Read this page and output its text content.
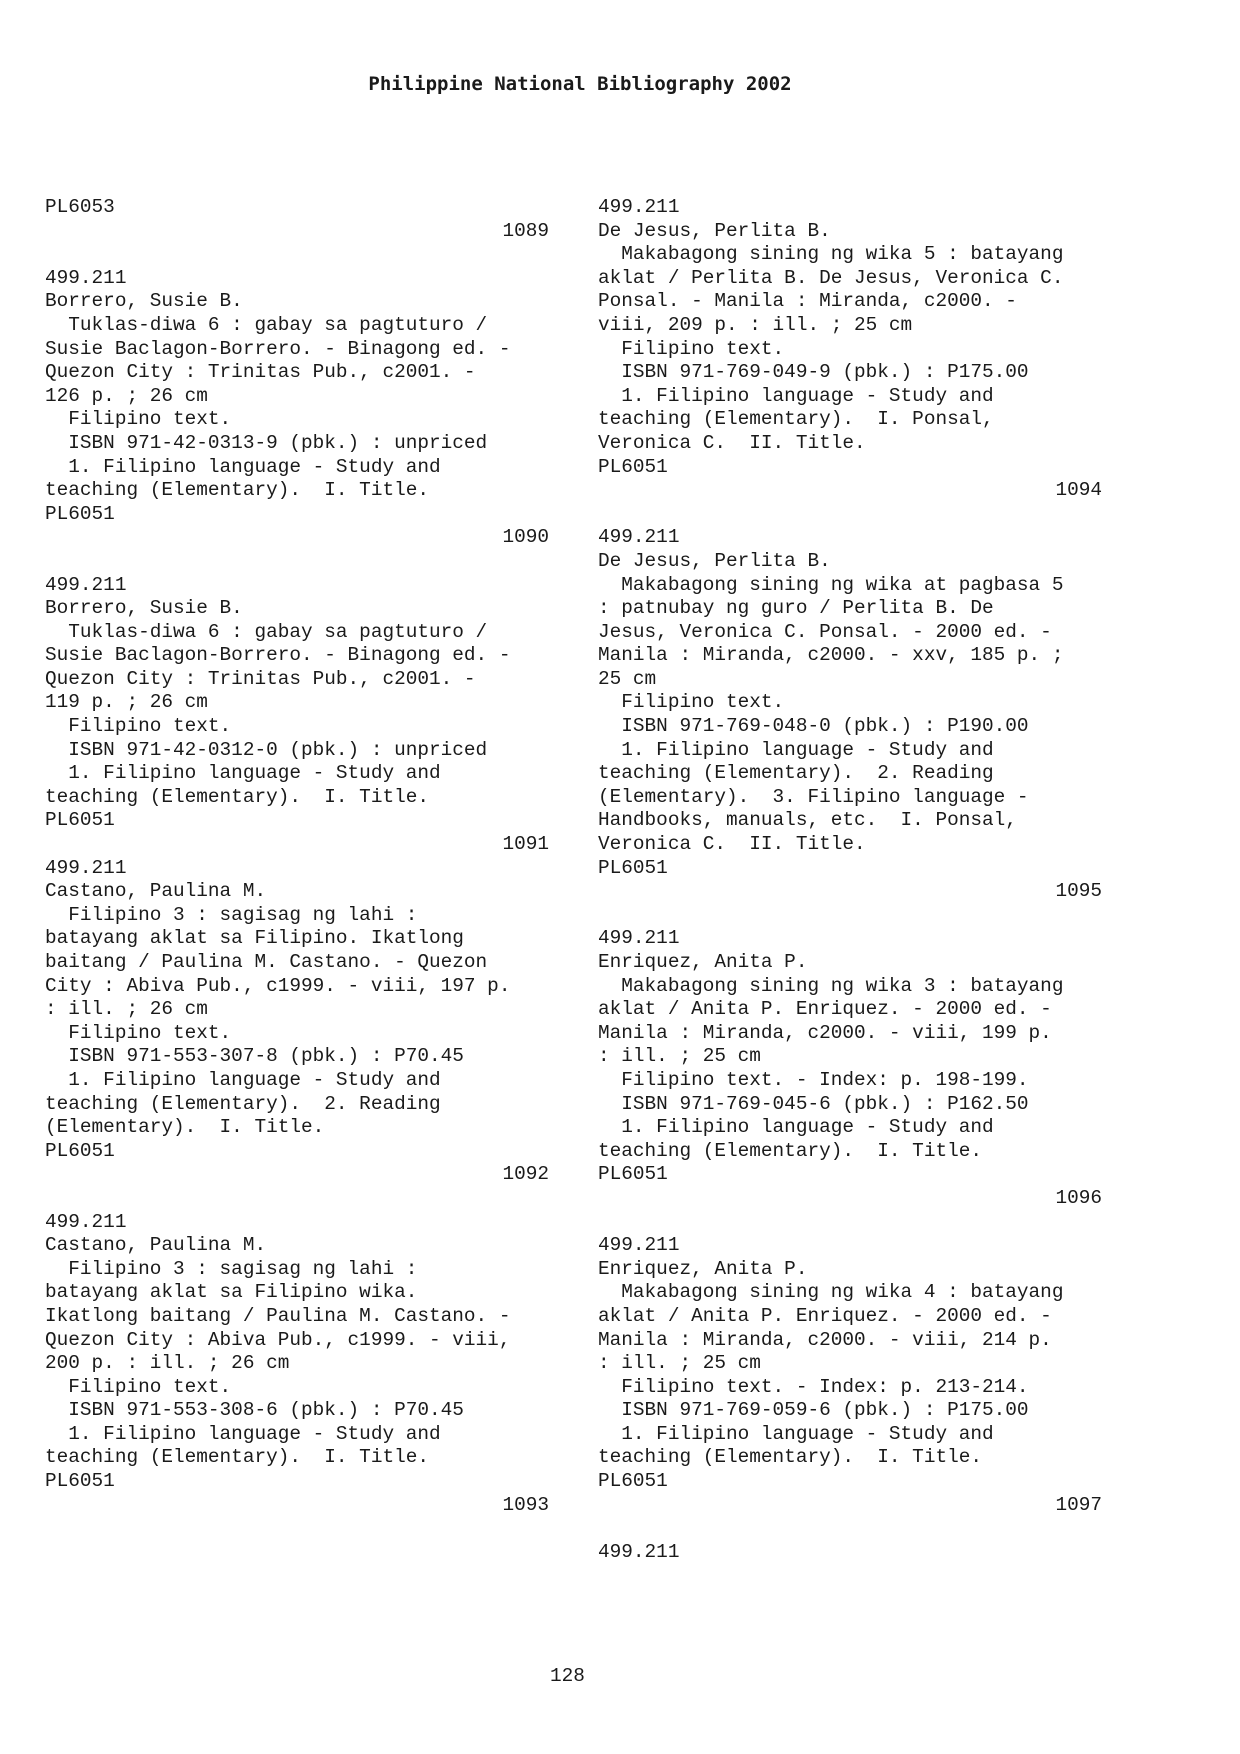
Philippine National Bibliography 2002
PL6053
1089
499.211
Borrero, Susie B.
Tuklas-diwa 6 : gabay sa pagtuturo /
Susie Baclagon-Borrero. - Binagong ed. -
Quezon City : Trinitas Pub., c2001. -
126 p. ; 26 cm
Filipino text.
ISBN 971-42-0313-9 (pbk.) : unpriced
1. Filipino language - Study and
teaching (Elementary).  I. Title.
PL6051
1090
499.211
Borrero, Susie B.
Tuklas-diwa 6 : gabay sa pagtuturo /
Susie Baclagon-Borrero. - Binagong ed. -
Quezon City : Trinitas Pub., c2001. -
119 p. ; 26 cm
Filipino text.
ISBN 971-42-0312-0 (pbk.) : unpriced
1. Filipino language - Study and
teaching (Elementary).  I. Title.
PL6051
1091
499.211
Castano, Paulina M.
Filipino 3 : sagisag ng lahi :
batayang aklat sa Filipino. Ikatlong
baitang / Paulina M. Castano. - Quezon
City : Abiva Pub., c1999. - viii, 197 p.
: ill. ; 26 cm
Filipino text.
ISBN 971-553-307-8 (pbk.) : P70.45
1. Filipino language - Study and
teaching (Elementary).  2. Reading
(Elementary).  I. Title.
PL6051
1092
499.211
Castano, Paulina M.
Filipino 3 : sagisag ng lahi :
batayang aklat sa Filipino wika.
Ikatlong baitang / Paulina M. Castano. -
Quezon City : Abiva Pub., c1999. - viii,
200 p. : ill. ; 26 cm
Filipino text.
ISBN 971-553-308-6 (pbk.) : P70.45
1. Filipino language - Study and
teaching (Elementary).  I. Title.
PL6051
1093
499.211
De Jesus, Perlita B.
Makabagong sining ng wika 5 : batayang
aklat / Perlita B. De Jesus, Veronica C.
Ponsal. - Manila : Miranda, c2000. -
viii, 209 p. : ill. ; 25 cm
Filipino text.
ISBN 971-769-049-9 (pbk.) : P175.00
1. Filipino language - Study and
teaching (Elementary).  I. Ponsal,
Veronica C.  II. Title.
PL6051
1094
499.211
De Jesus, Perlita B.
Makabagong sining ng wika at pagbasa 5
: patnubay ng guro / Perlita B. De
Jesus, Veronica C. Ponsal. - 2000 ed. -
Manila : Miranda, c2000. - xxv, 185 p. ;
25 cm
Filipino text.
ISBN 971-769-048-0 (pbk.) : P190.00
1. Filipino language - Study and
teaching (Elementary).  2. Reading
(Elementary).  3. Filipino language -
Handbooks, manuals, etc.  I. Ponsal,
Veronica C.  II. Title.
PL6051
1095
499.211
Enriquez, Anita P.
Makabagong sining ng wika 3 : batayang
aklat / Anita P. Enriquez. - 2000 ed. -
Manila : Miranda, c2000. - viii, 199 p.
: ill. ; 25 cm
Filipino text. - Index: p. 198-199.
ISBN 971-769-045-6 (pbk.) : P162.50
1. Filipino language - Study and
teaching (Elementary).  I. Title.
PL6051
1096
499.211
Enriquez, Anita P.
Makabagong sining ng wika 4 : batayang
aklat / Anita P. Enriquez. - 2000 ed. -
Manila : Miranda, c2000. - viii, 214 p.
: ill. ; 25 cm
Filipino text. - Index: p. 213-214.
ISBN 971-769-059-6 (pbk.) : P175.00
1. Filipino language - Study and
teaching (Elementary).  I. Title.
PL6051
1097
499.211
128
